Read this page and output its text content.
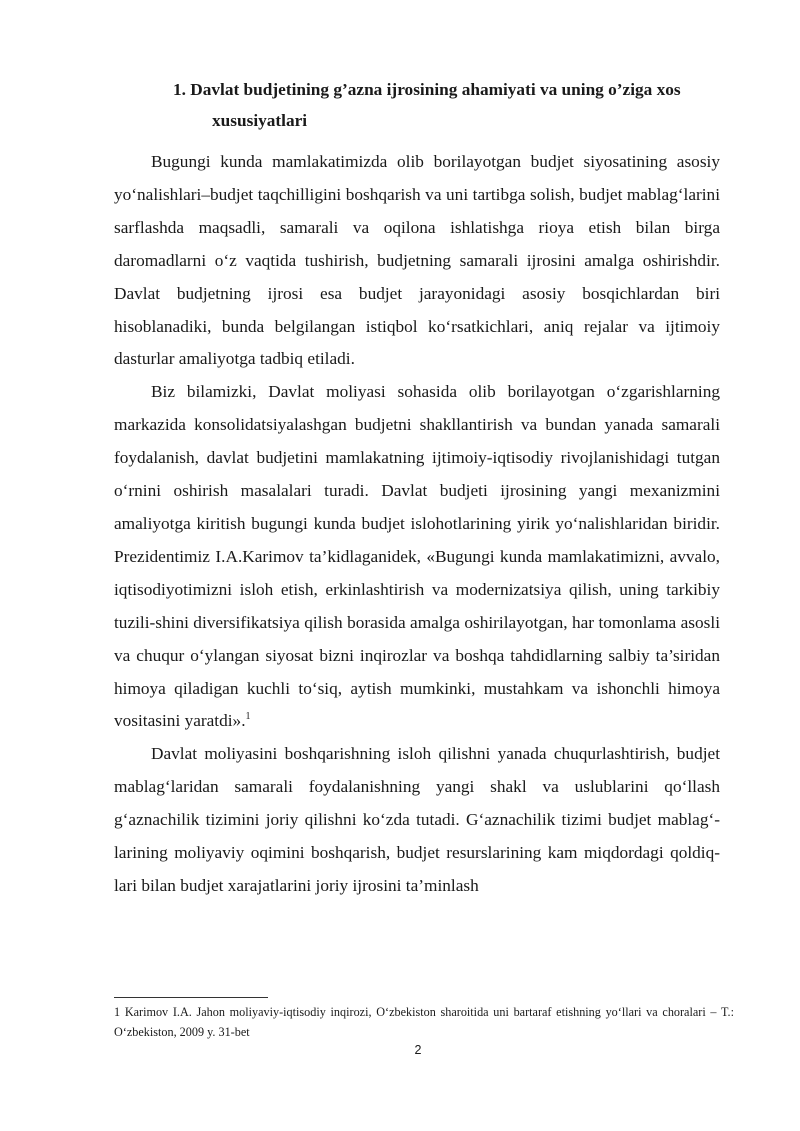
1. Davlat budjetining g’azna ijrosining ahamiyati va uning o’ziga xos
xususiyatlari

Bugungi kunda mamlakatimizda olib borilayotgan budjet siyosatining asosiy yo‘nalishlari–budjet taqchilligini boshqarish va uni tartibga solish, budjet mablag‘larini sarflashda maqsadli, samarali va oqilona ishlatishga rioya etish bilan birga daromadlarni o‘z vaqtida tushirish, budjetning samarali ijrosini amalga oshirishdir. Davlat budjetning ijrosi esa budjet jarayonidagi asosiy bosqichlardan biri hisoblanadiki, bunda belgilangan istiqbol ko‘rsatkichlari, aniq rejalar va ijtimoiy dasturlar amaliyotga tadbiq etiladi.

Biz bilamizki, Davlat moliyasi sohasida olib borilayotgan o‘zgarishlarning markazida konsolidatsiyalashgan budjetni shakllantirish va bundan yanada samarali foydalanish, davlat budjetini mamlakatning ijtimoiy-iqtisodiy rivojlanishidagi tutgan o‘rnini oshirish masalalari turadi. Davlat budjeti ijrosining yangi mexanizmini amaliyotga kiritish bugungi kunda budjet islohotlarining yirik yo‘nalishlaridan biridir. Prezidentimiz I.A.Karimov ta’kidlaganidek, «Bugungi kunda mamlakatimizni, avvalo, iqtisodiyotimizni isloh etish, erkinlashtirish va modernizatsiya qilish, uning tarkibiy tuzili-shini diversifikatsiya qilish borasida amalga oshirilayotgan, har tomonlama asosli va chuqur o‘ylangan siyosat bizni inqirozlar va boshqa tahdidlarning salbiy ta’siridan himoya qiladigan kuchli to‘siq, aytish mumkinki, mustahkam va ishonchli himoya vositasini yaratdi».$^1$

Davlat moliyasini boshqarishning isloh qilishni yanada chuqurlashtirish, budjet mablag‘laridan samarali foydalanishning yangi shakl va uslublarini qo‘llash g‘aznachilik tizimini joriy qilishni ko‘zda tutadi. G‘aznachilik tizimi budjet mablag‘-larining moliyaviy oqimini boshqarish, budjet resurslarining kam miqdordagi qoldiq-lari bilan budjet xarajatlarini joriy ijrosini ta’minlash

1 Karimov I.A. Jahon moliyaviy-iqtisodiy inqirozi, O‘zbekiston sharoitida uni bartaraf etishning yo‘llari va choralari – T.: O‘zbekiston, 2009 y. 31-bet

2
